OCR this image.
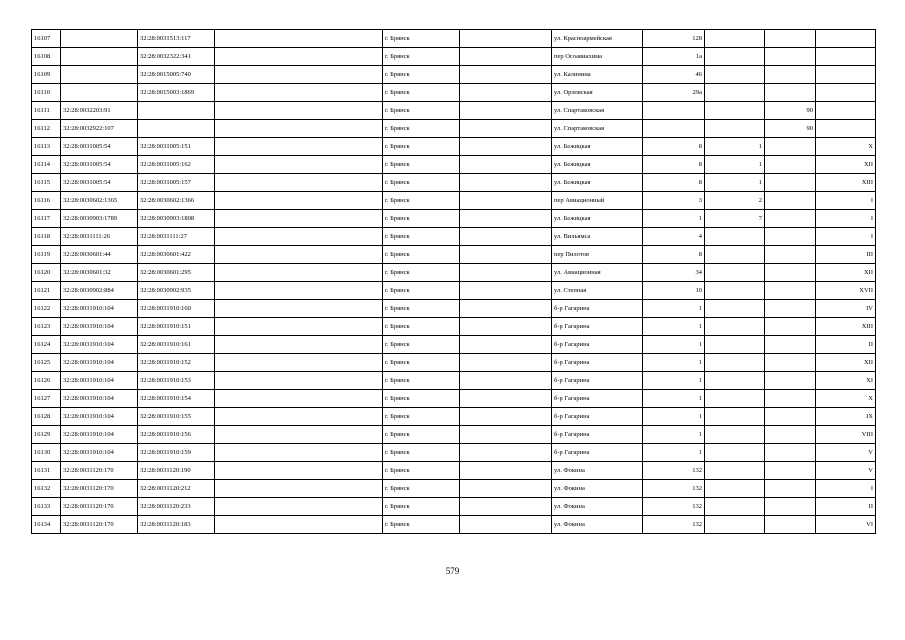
16107		32:28:0031513:117		г. Брянск		ул. Красноармейская	128			
16108		32:28:0032322:341		г. Брянск		пер Осоавиахима	1а			
16109		32:28:0015005:740		г. Брянск		ул. Калинина	46			
16110		32:28:0015003:1869		г. Брянск		ул. Орловская	29а			
16111	32:28:0032203:91			г. Брянск		ул. Спартаковская			90	
16112	32:28:0032922:107			г. Брянск		ул. Спартаковская			90	
16113	32:28:0031005:54	32:28:0031005:151		г. Брянск		ул. Бежицкая	8	1		X
16114	32:28:0031005:54	32:28:0031005:162		г. Брянск		ул. Бежицкая	8	1		XII
16115	32:28:0031005:54	32:28:0031005:157		г. Брянск		ул. Бежицкая	8	1		XIII
16116	32:28:0030602:1365	32:28:0030602:1366		г. Брянск		пер Авиационный	3	2		I
16117	32:28:0030903:1789	32:28:0030903:1808		г. Брянск		ул. Бежицкая	1	7		I
16118	32:28:0031111:26	32:28:0031111:27		г. Брянск		ул. Вильямса	4			I
16119	32:28:0030601:44	32:28:0030601:422		г. Брянск		пер Пилотов	8			III
16120	32:28:0030601:32	32:28:0030601:295		г. Брянск		ул. Авиационная	34			XII
16121	32:28:0030902:884	32:28:0030902:935		г. Брянск		ул. Степная	10			XVII
16122	32:28:0031910:104	32:28:0031910:160		г. Брянск		б-р Гагарина	1			IV
16123	32:28:0031910:104	32:28:0031910:151		г. Брянск		б-р Гагарина	1			XIII
16124	32:28:0031910:104	32:28:0031910:161		г. Брянск		б-р Гагарина	1			II
16125	32:28:0031910:104	32:28:0031910:152		г. Брянск		б-р Гагарина	1			XII
16126	32:28:0031910:104	32:28:0031910:153		г. Брянск		б-р Гагарина	1			XI
16127	32:28:0031910:104	32:28:0031910:154		г. Брянск		б-р Гагарина	1			X
16128	32:28:0031910:104	32:28:0031910:155		г. Брянск		б-р Гагарина	1			IX
16129	32:28:0031910:104	32:28:0031910:156		г. Брянск		б-р Гагарина	1			VIII
16130	32:28:0031910:104	32:28:0031910:159		г. Брянск		б-р Гагарина	1			V
16131	32:28:0031120:170	32:28:0031120:190		г. Брянск		ул. Фокина	132			V
16132	32:28:0031120:170	32:28:0031120:212		г. Брянск		ул. Фокина	132			I
16133	32:28:0031120:170	32:28:0031120:233		г. Брянск		ул. Фокина	132			II
16134	32:28:0031120:170	32:28:0031120:183		г. Брянск		ул. Фокина	132			VI
579
